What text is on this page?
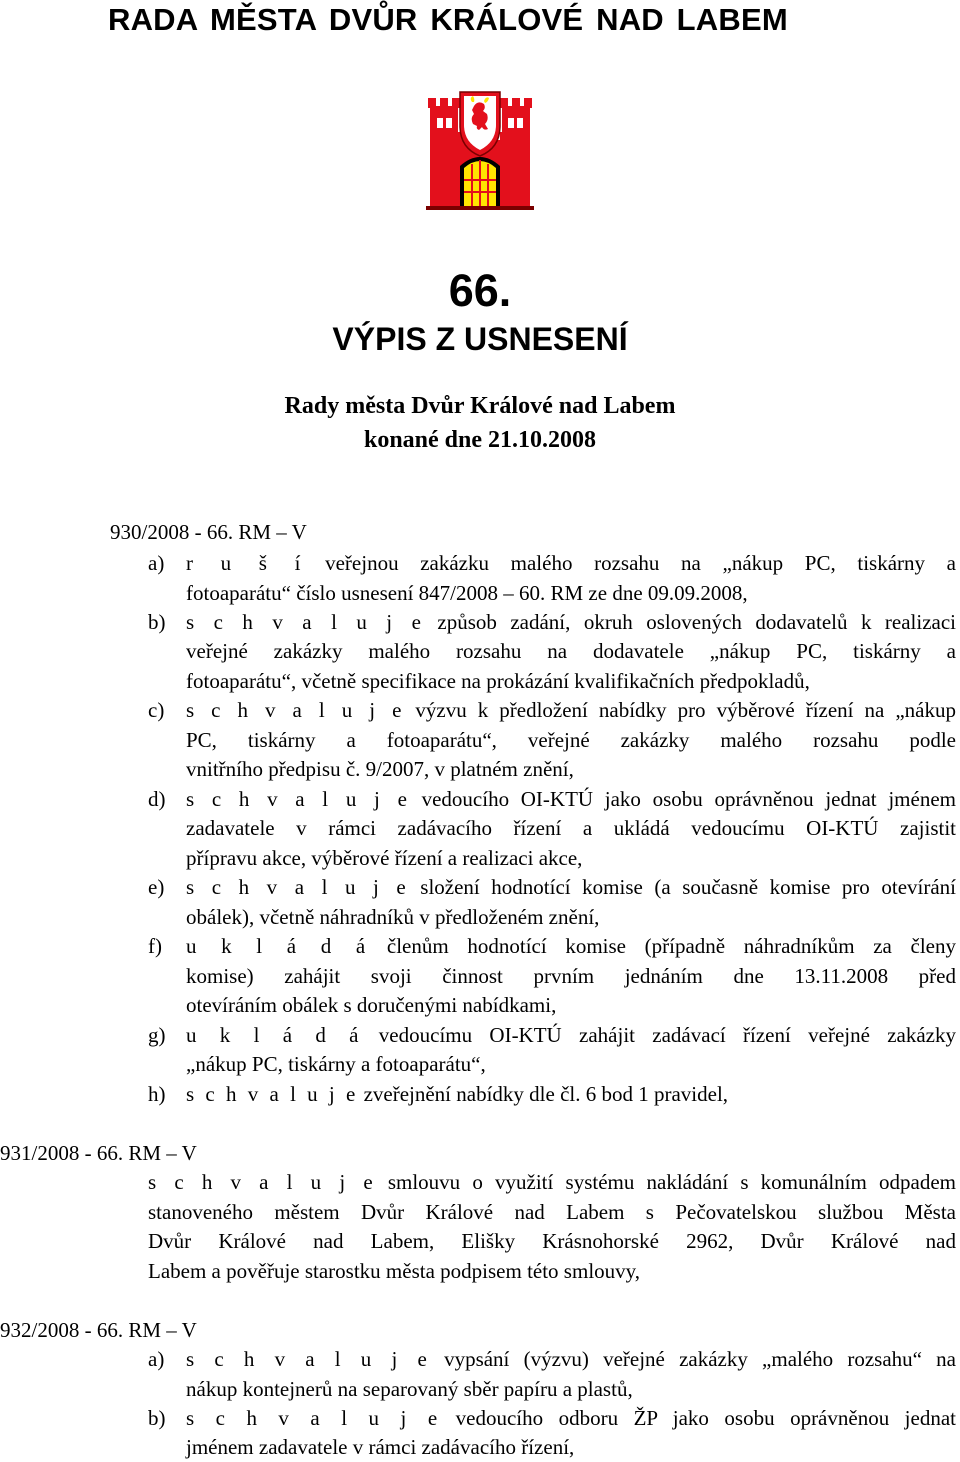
RADA MĚSTA DVŮR KRÁLOVÉ NAD LABEM
66.
VÝPIS Z USNESENÍ
Rady města Dvůr Králové nad Labem
konané dne 21.10.2008
930/2008 - 66. RM – V
a) r u š í veřejnou zakázku malého rozsahu na „nákup PC, tiskárny a
fotoaparátu“ číslo usnesení 847/2008 – 60. RM ze dne 09.09.2008,
b) s c h v a l u j e způsob zadání, okruh oslovených dodavatelů k realizaci
veřejné zakázky malého rozsahu na dodavatele „nákup PC, tiskárny a
fotoaparátu“, včetně specifikace na prokázání kvalifikačních předpokladů,
c) s c h v a l u j e výzvu k předložení nabídky pro výběrové řízení na „nákup
PC, tiskárny a fotoaparátu“, veřejné zakázky malého rozsahu podle
vnitřního předpisu č. 9/2007, v platném znění,
d) s c h v a l u j e vedoucího OI-KTÚ jako osobu oprávněnou jednat jménem
zadavatele v rámci zadávacího řízení a ukládá vedoucímu OI-KTÚ zajistit
přípravu akce, výběrové řízení a realizaci akce,
e) s c h v a l u j e složení hodnotící komise (a současně komise pro otevírání
obálek), včetně náhradníků v předloženém znění,
f) u k l á d á členům hodnotící komise (případně náhradníkům za členy
komise) zahájit svoji činnost prvním jednáním dne 13.11.2008 před
otevíráním obálek s doručenými nabídkami,
g) u k l á d á vedoucímu OI-KTÚ zahájit zadávací řízení veřejné zakázky
„nákup PC, tiskárny a fotoaparátu“,
h) s c h v a l u j e zveřejnění nabídky dle čl. 6 bod 1 pravidel,
931/2008 - 66. RM – V
s c h v a l u j e smlouvu o využití systému nakládání s komunálním odpadem
stanoveného městem Dvůr Králové nad Labem s Pečovatelskou službou Města
Dvůr Králové nad Labem, Elišky Krásnohorské 2962, Dvůr Králové nad
Labem a pověřuje starostku města podpisem této smlouvy,
932/2008 - 66. RM – V
a) s c h v a l u j e vypsání (výzvu) veřejné zakázky „malého rozsahu“ na
nákup kontejnerů na separovaný sběr papíru a plastů,
b) s c h v a l u j e vedoucího odboru ŽP jako osobu oprávněnou jednat
jménem zadavatele v rámci zadávacího řízení,
